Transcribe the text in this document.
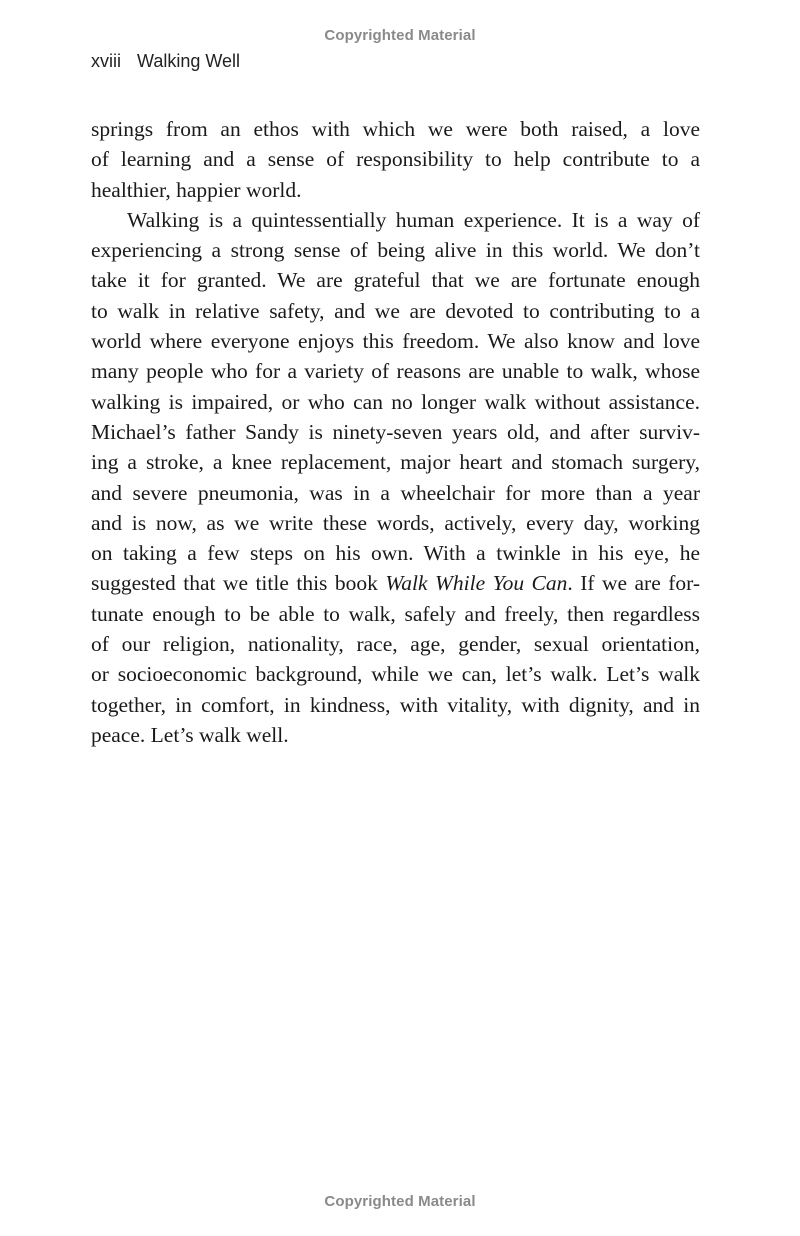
Copyrighted Material
xviii Walking Well
springs from an ethos with which we were both raised, a love
of learning and a sense of responsibility to help contribute to a
healthier, happier world.
Walking is a quintessentially human experience. It is a way of
experiencing a strong sense of being alive in this world. We don’t
take it for granted. We are grateful that we are fortunate enough
to walk in relative safety, and we are devoted to contributing to a
world where everyone enjoys this freedom. We also know and love
many people who for a variety of reasons are unable to walk, whose
walking is impaired, or who can no longer walk without assistance.
Michael’s father Sandy is ninety-seven years old, and after surviv-
ing a stroke, a knee replacement, major heart and stomach surgery,
and severe pneumonia, was in a wheelchair for more than a year
and is now, as we write these words, actively, every day, working
on taking a few steps on his own. With a twinkle in his eye, he
suggested that we title this book Walk While You Can. If we are for-
tunate enough to be able to walk, safely and freely, then regardless
of our religion, nationality, race, age, gender, sexual orientation,
or socioeconomic background, while we can, let’s walk. Let’s walk
together, in comfort, in kindness, with vitality, with dignity, and in
peace. Let’s walk well.
Copyrighted Material
